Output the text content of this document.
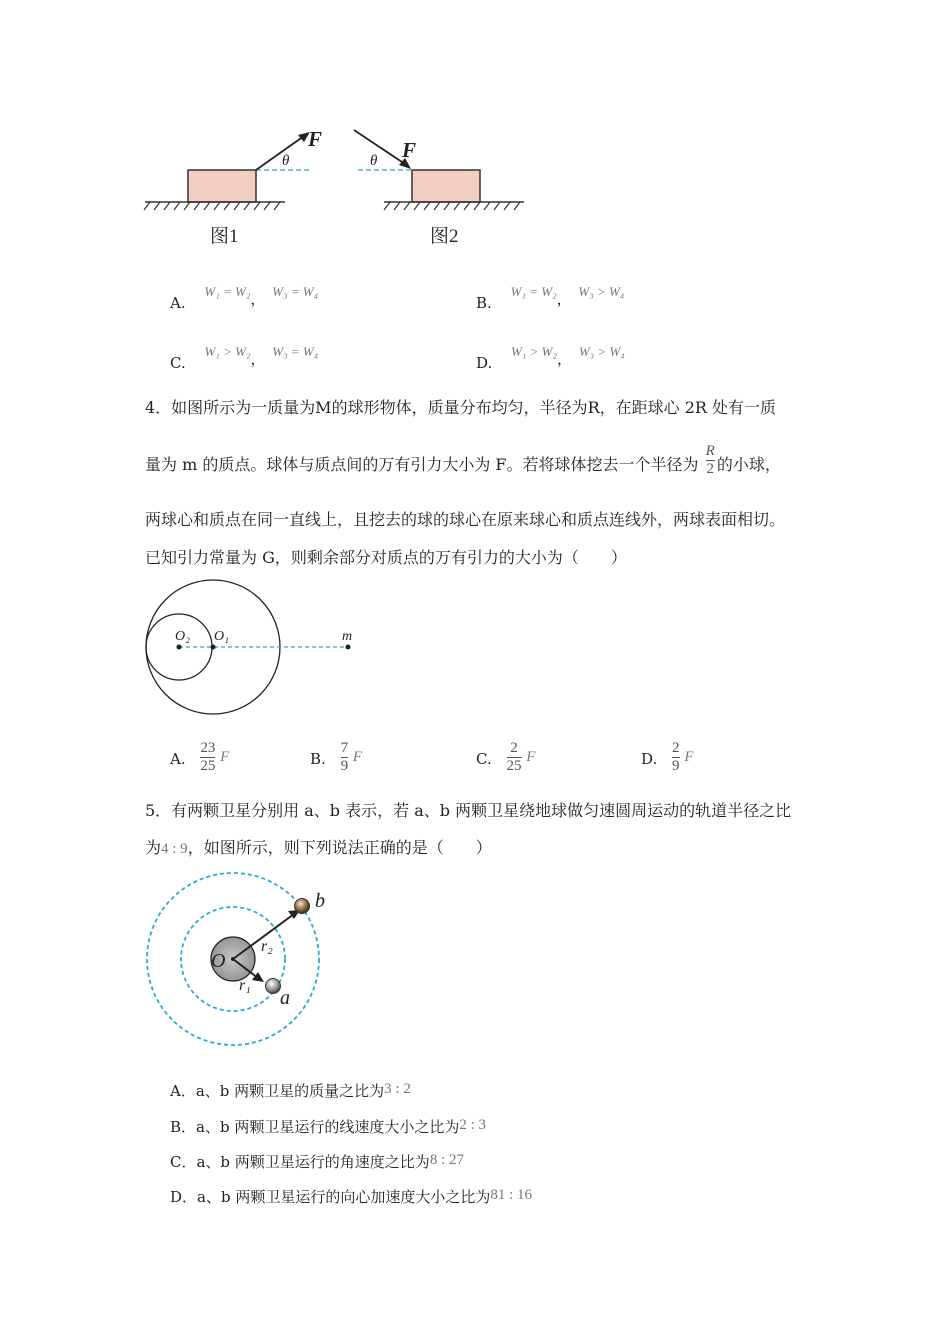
F
θ	F
θ
图1	图2
A. W₁ = W₂， W₃ = W₄
B. W₁ = W₂， W₃ > W₄
C. W₁ > W₂， W₃ = W₄
D. W₁ > W₂， W₃ > W₄
4．如图所示为一质量为M的球形物体，质量分布均匀，半径为R，在距球心 2R 处有一质
量为 m 的质点。球体与质点间的万有引力大小为 F。若将球体挖去一个半径为 $\frac{R}{2}$ 的小球，
两球心和质点在同一直线上，且挖去的球的球心在原来球心和质点连线外，两球表面相切。
已知引力常量为 G，则剩余部分对质点的万有引力的大小为（　　）
O₂ O₁	m
A. $\frac{23}{25}$ F	B. $\frac{7}{9}$ F	C. $\frac{2}{25}$ F	D. $\frac{2}{9}$ F
5．有两颗卫星分别用 a、b 表示，若 a、b 两颗卫星绕地球做匀速圆周运动的轨道半径之比
为4 : 9，如图所示，则下列说法正确的是（　　）
O
b
a
r₂
r₁
A．a、b 两颗卫星的质量之比为3 : 2
B．a、b 两颗卫星运行的线速度大小之比为2 : 3
C．a、b 两颗卫星运行的角速度之比为8 : 27
D．a、b 两颗卫星运行的向心加速度大小之比为81 : 16
